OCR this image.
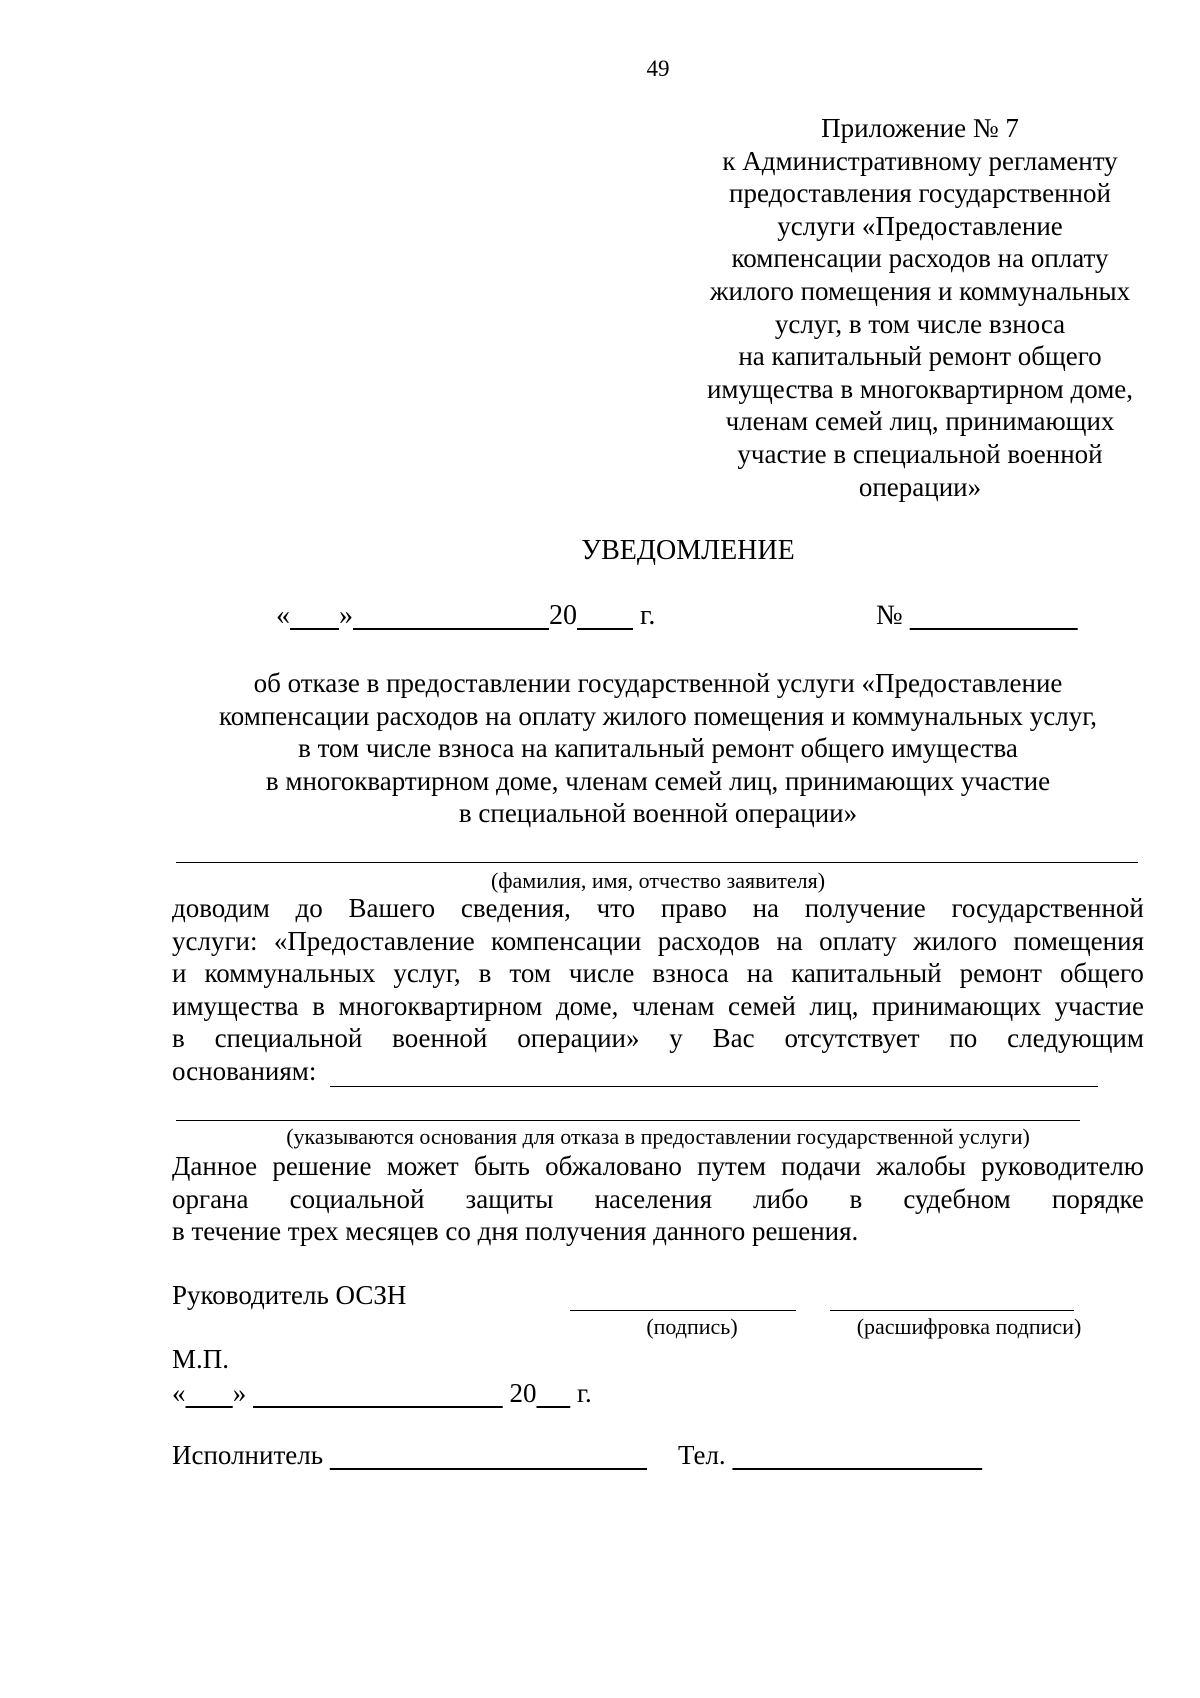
49
Приложение № 7
к Административному регламенту
предоставления государственной
услуги «Предоставление
компенсации расходов на оплату
жилого помещения и коммунальных
услуг, в том числе взноса
на капитальный ремонт общего
имущества в многоквартирном доме,
членам семей лиц, принимающих
участие в специальной военной
операции»
УВЕДОМЛЕНИЕ
« »	20 г.	№
об отказе в предоставлении государственной услуги «Предоставление
компенсации расходов на оплату жилого помещения и коммунальных услуг,
в том числе взноса на капитальный ремонт общего имущества
в многоквартирном доме, членам семей лиц, принимающих участие
в специальной военной операции»
(фамилия, имя, отчество заявителя)
доводим до Вашего сведения, что право на получение государственной
услуги: «Предоставление компенсации расходов на оплату жилого помещения
и коммунальных услуг, в том числе взноса на капитальный ремонт общего
имущества в многоквартирном доме, членам семей лиц, принимающих участие
в специальной военной операции» у Вас отсутствует по следующим
основаниям:
(указываются основания для отказа в предоставлении государственной услуги)
Данное решение может быть обжаловано путем подачи жалобы руководителю
органа социальной защиты населения либо в судебном порядке
в течение трех месяцев со дня получения данного решения.
Руководитель ОСЗН
(подпись)	(расшифровка подписи)
М.П.
« »	20 г.
Исполнитель	Тел.
